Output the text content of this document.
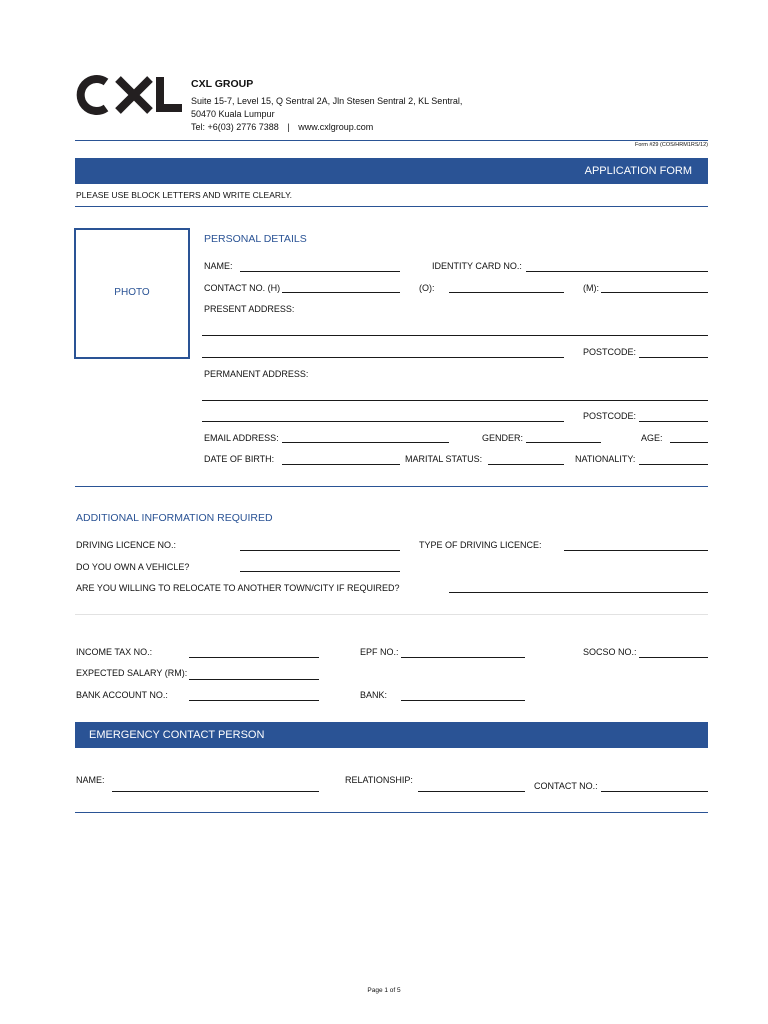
CXL GROUP
Suite 15-7, Level 15, Q Sentral 2A, Jln Stesen Sentral 2, KL Sentral,
50470 Kuala Lumpur
Tel: +6(03) 2776 7388 | www.cxlgroup.com
Form #29 (COS/HRM1RS/12)
APPLICATION FORM
PLEASE USE BLOCK LETTERS AND WRITE CLEARLY.
PHOTO
PERSONAL DETAILS
NAME:	IDENTITY CARD NO.:
CONTACT NO. (H)	(O):	(M):
PRESENT ADDRESS:
POSTCODE:
PERMANENT ADDRESS:
POSTCODE:
EMAIL ADDRESS:	GENDER:	AGE:
DATE OF BIRTH:	MARITAL STATUS:	NATIONALITY:
ADDITIONAL INFORMATION REQUIRED
DRIVING LICENCE NO.:	TYPE OF DRIVING LICENCE:
DO YOU OWN A VEHICLE?
ARE YOU WILLING TO RELOCATE TO ANOTHER TOWN/CITY IF REQUIRED?
INCOME TAX NO.:	EPF NO.:	SOCSO NO.:
EXPECTED SALARY (RM):
BANK ACCOUNT NO.:	BANK:
EMERGENCY CONTACT PERSON
NAME:	RELATIONSHIP:
CONTACT NO.:
Page 1 of 5
